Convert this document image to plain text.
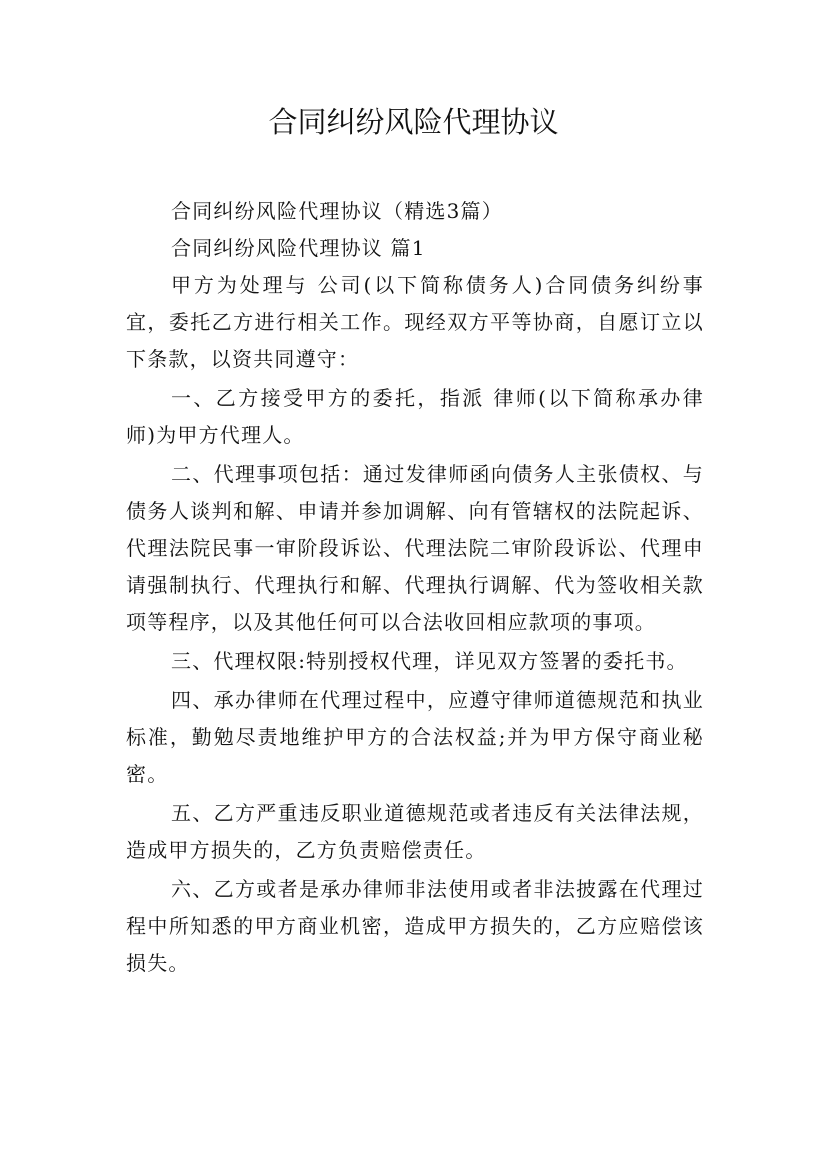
合同纠纷风险代理协议

合同纠纷风险代理协议（精选3篇）

合同纠纷风险代理协议 篇1

甲方为处理与 公司(以下简称债务人)合同债务纠纷事宜，委托乙方进行相关工作。现经双方平等协商，自愿订立以下条款，以资共同遵守：

一、乙方接受甲方的委托，指派 律师(以下简称承办律师)为甲方代理人。

二、代理事项包括：通过发律师函向债务人主张债权、与债务人谈判和解、申请并参加调解、向有管辖权的法院起诉、代理法院民事一审阶段诉讼、代理法院二审阶段诉讼、代理申请强制执行、代理执行和解、代理执行调解、代为签收相关款项等程序，以及其他任何可以合法收回相应款项的事项。

三、代理权限:特别授权代理，详见双方签署的委托书。

四、承办律师在代理过程中，应遵守律师道德规范和执业标准，勤勉尽责地维护甲方的合法权益;并为甲方保守商业秘密。

五、乙方严重违反职业道德规范或者违反有关法律法规，造成甲方损失的，乙方负责赔偿责任。

六、乙方或者是承办律师非法使用或者非法披露在代理过程中所知悉的甲方商业机密，造成甲方损失的，乙方应赔偿该损失。
